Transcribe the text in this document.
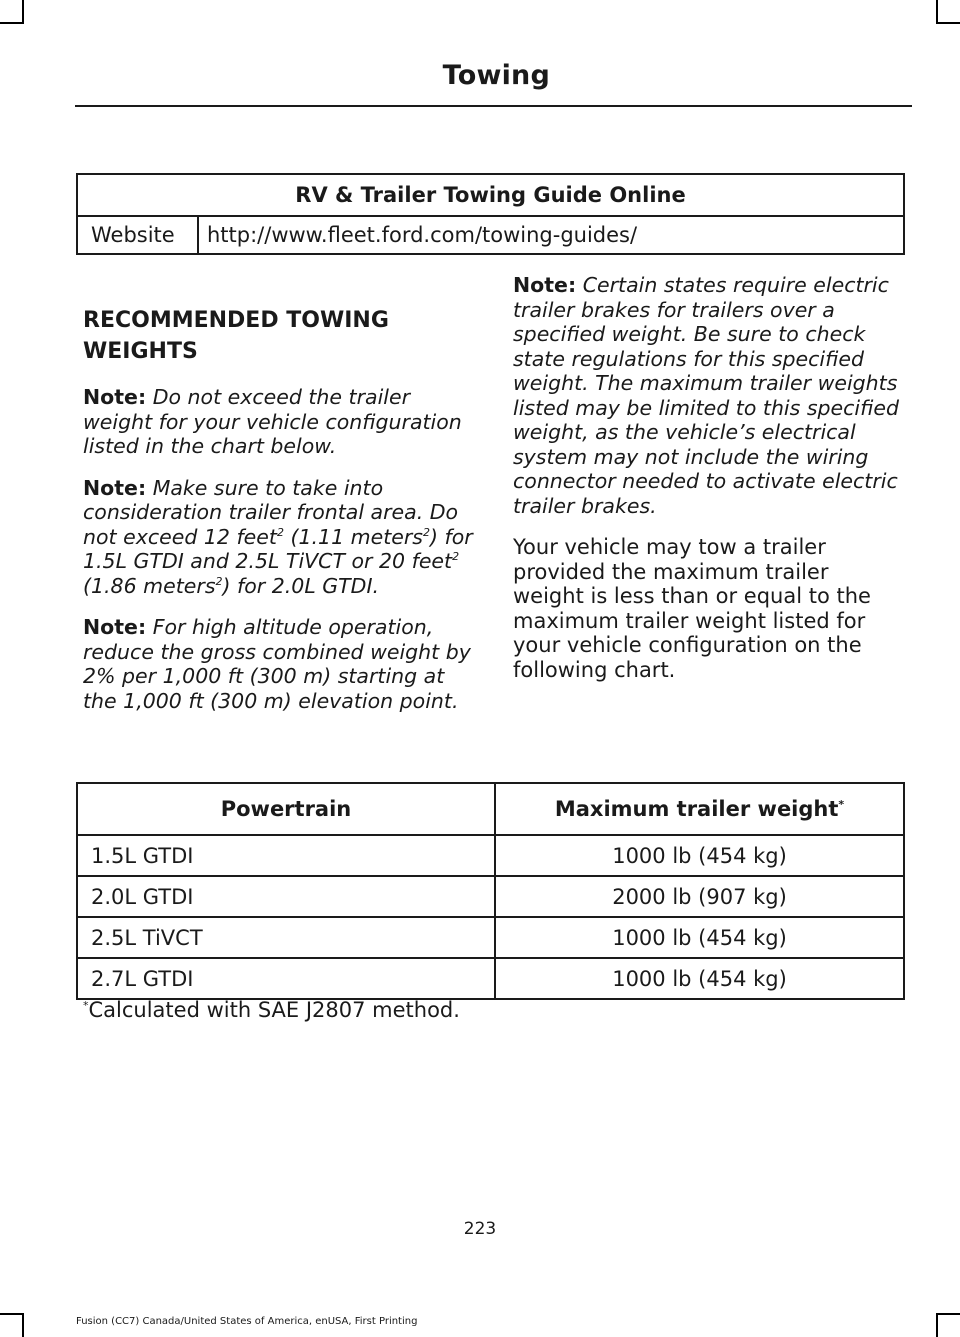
Towing
RV & Trailer Towing Guide Online
Website	http://www.fleet.ford.com/towing-guides/
RECOMMENDED TOWING
WEIGHTS

Note: Do not exceed the trailer weight for your vehicle configuration listed in the chart below.

Note: Make sure to take into consideration trailer frontal area. Do not exceed 12 feet$^2$ (1.11 meters$^2$) for 1.5L GTDI and 2.5L TiVCT or 20 feet$^2$ (1.86 meters$^2$) for 2.0L GTDI.

Note: For high altitude operation, reduce the gross combined weight by 2% per 1,000 ft (300 m) starting at the 1,000 ft (300 m) elevation point.

Note: Certain states require electric trailer brakes for trailers over a specified weight. Be sure to check state regulations for this specified weight. The maximum trailer weights listed may be limited to this specified weight, as the vehicle’s electrical system may not include the wiring connector needed to activate electric trailer brakes.

Your vehicle may tow a trailer provided the maximum trailer weight is less than or equal to the maximum trailer weight listed for your vehicle configuration on the following chart.

Powertrain	Maximum trailer weight*
1.5L GTDI	1000 lb (454 kg)
2.0L GTDI	2000 lb (907 kg)
2.5L TiVCT	1000 lb (454 kg)
2.7L GTDI	1000 lb (454 kg)
*Calculated with SAE J2807 method.
223
Fusion (CC7) Canada/United States of America, enUSA, First Printing
